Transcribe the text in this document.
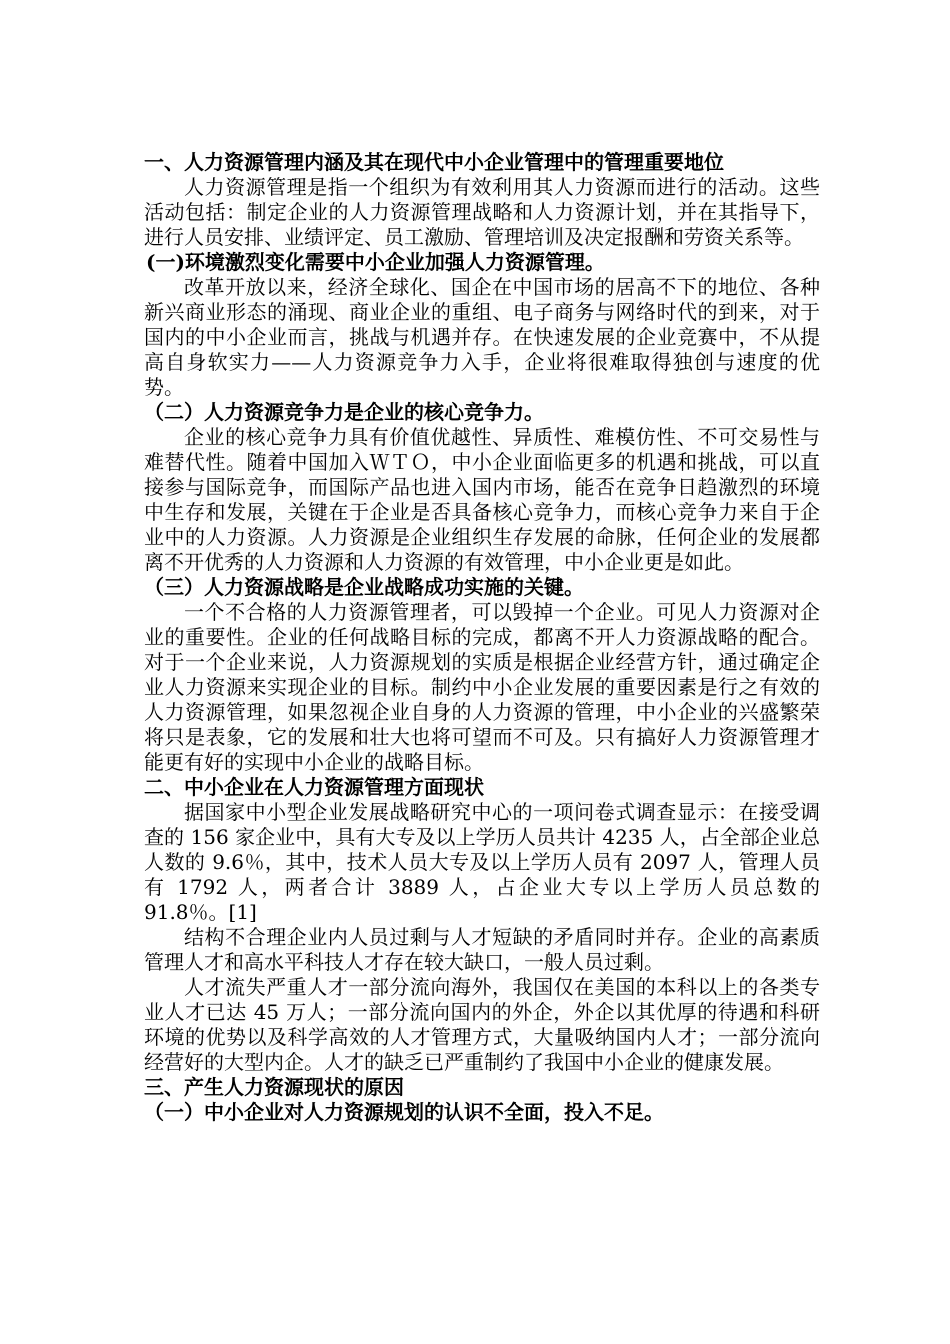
一、人力资源管理内涵及其在现代中小企业管理中的管理重要地位

人力资源管理是指一个组织为有效利用其人力资源而进行的活动。这些活动包括：制定企业的人力资源管理战略和人力资源计划，并在其指导下，进行人员安排、业绩评定、员工激励、管理培训及决定报酬和劳资关系等。

(一)环境激烈变化需要中小企业加强人力资源管理。

改革开放以来，经济全球化、国企在中国市场的居高不下的地位、各种新兴商业形态的涌现、商业企业的重组、电子商务与网络时代的到来，对于国内的中小企业而言，挑战与机遇并存。在快速发展的企业竞赛中，不从提高自身软实力——人力资源竞争力入手，企业将很难取得独创与速度的优势。

（二）人力资源竞争力是企业的核心竞争力。

企业的核心竞争力具有价值优越性、异质性、难模仿性、不可交易性与难替代性。随着中国加入ＷＴＯ，中小企业面临更多的机遇和挑战，可以直接参与国际竞争，而国际产品也进入国内市场，能否在竞争日趋激烈的环境中生存和发展，关键在于企业是否具备核心竞争力，而核心竞争力来自于企业中的人力资源。人力资源是企业组织生存发展的命脉，任何企业的发展都离不开优秀的人力资源和人力资源的有效管理，中小企业更是如此。

（三）人力资源战略是企业战略成功实施的关键。

一个不合格的人力资源管理者，可以毁掉一个企业。可见人力资源对企业的重要性。企业的任何战略目标的完成，都离不开人力资源战略的配合。对于一个企业来说，人力资源规划的实质是根据企业经营方针，通过确定企业人力资源来实现企业的目标。制约中小企业发展的重要因素是行之有效的人力资源管理，如果忽视企业自身的人力资源的管理，中小企业的兴盛繁荣将只是表象，它的发展和壮大也将可望而不可及。只有搞好人力资源管理才能更有好的实现中小企业的战略目标。

二、中小企业在人力资源管理方面现状

据国家中小型企业发展战略研究中心的一项问卷式调查显示：在接受调查的 156 家企业中，具有大专及以上学历人员共计 4235 人，占全部企业总人数的 9.6％，其中，技术人员大专及以上学历人员有 2097 人，管理人员有 1792 人，两者合计 3889 人，占企业大专以上学历人员总数的 91.8％。[1]

结构不合理企业内人员过剩与人才短缺的矛盾同时并存。企业的高素质管理人才和高水平科技人才存在较大缺口，一般人员过剩。

人才流失严重人才一部分流向海外，我国仅在美国的本科以上的各类专业人才已达 45 万人；一部分流向国内的外企，外企以其优厚的待遇和科研环境的优势以及科学高效的人才管理方式，大量吸纳国内人才；一部分流向经营好的大型内企。人才的缺乏已严重制约了我国中小企业的健康发展。

三、产生人力资源现状的原因

（一）中小企业对人力资源规划的认识不全面，投入不足。
